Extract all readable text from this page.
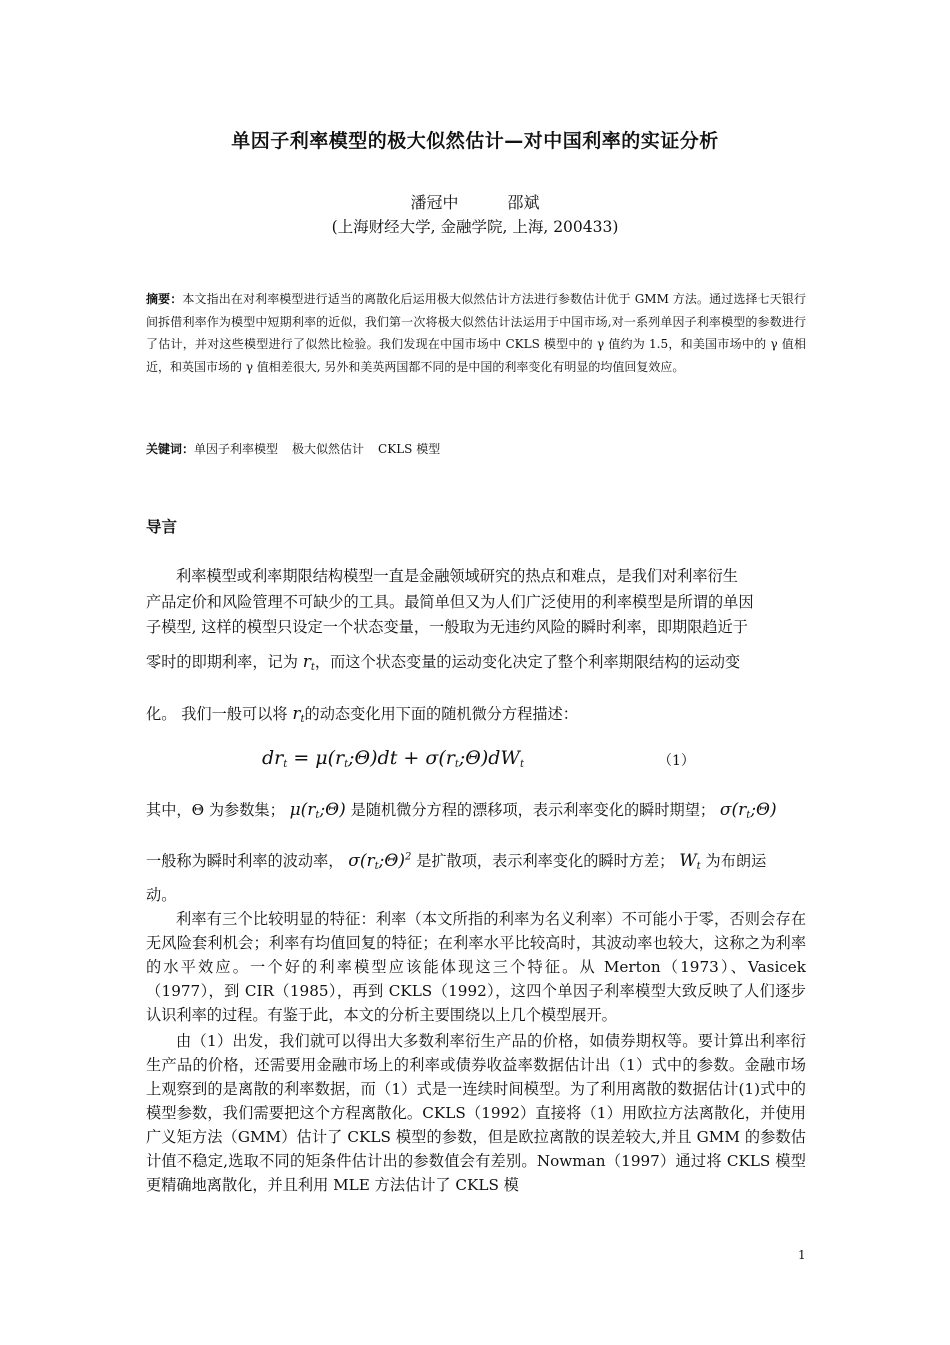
单因子利率模型的极大似然估计—对中国利率的实证分析
潘冠中	邵斌
(上海财经大学, 金融学院, 上海, 200433)
摘要：本文指出在对利率模型进行适当的离散化后运用极大似然估计方法进行参数估计优于 GMM 方法。通过选择七天银行间拆借利率作为模型中短期利率的近似，我们第一次将极大似然估计法运用于中国市场,对一系列单因子利率模型的参数进行了估计，并对这些模型进行了似然比检验。我们发现在中国市场中 CKLS 模型中的 γ 值约为 1.5，和美国市场中的 γ 值相近，和英国市场的 γ 值相差很大, 另外和美英两国都不同的是中国的利率变化有明显的均值回复效应。
关键词：单因子利率模型 极大似然估计 CKLS 模型
导言
利率模型或利率期限结构模型一直是金融领域研究的热点和难点，是我们对利率衍生
产品定价和风险管理不可缺少的工具。最简单但又为人们广泛使用的利率模型是所谓的单因
子模型, 这样的模型只设定一个状态变量，一般取为无违约风险的瞬时利率，即期限趋近于
零时的即期利率，记为 $r_t$，而这个状态变量的运动变化决定了整个利率期限结构的运动变
化。 我们一般可以将 $r_t$的动态变化用下面的随机微分方程描述：
$dr_t$ = $\mu(r_t;\Theta)dt$ + $\sigma(r_t;\Theta)dW_t$	（1）
其中，Θ 为参数集； $\mu(r_t;\Theta)$ 是随机微分方程的漂移项，表示利率变化的瞬时期望； $\sigma(r_t;\Theta)$
一般称为瞬时利率的波动率， $\sigma(r_t;\Theta)^2$ 是扩散项，表示利率变化的瞬时方差； $W_t$ 为布朗运
动。
利率有三个比较明显的特征：利率（本文所指的利率为名义利率）不可能小于零，否则会存在无风险套利机会；利率有均值回复的特征；在利率水平比较高时，其波动率也较大，这称之为利率的水平效应。一个好的利率模型应该能体现这三个特征。从 Merton（1973）、Vasicek（1977），到 CIR（1985），再到 CKLS（1992），这四个单因子利率模型大致反映了人们逐步认识利率的过程。有鉴于此，本文的分析主要围绕以上几个模型展开。
由（1）出发，我们就可以得出大多数利率衍生产品的价格，如债券期权等。要计算出利率衍生产品的价格，还需要用金融市场上的利率或债券收益率数据估计出（1）式中的参数。金融市场上观察到的是离散的利率数据，而（1）式是一连续时间模型。为了利用离散的数据估计(1)式中的模型参数，我们需要把这个方程离散化。CKLS（1992）直接将（1）用欧拉方法离散化，并使用广义矩方法（GMM）估计了 CKLS 模型的参数，但是欧拉离散的误差较大,并且 GMM 的参数估计值不稳定,选取不同的矩条件估计出的参数值会有差别。Nowman（1997）通过将 CKLS 模型更精确地离散化，并且利用 MLE 方法估计了 CKLS 模
1
